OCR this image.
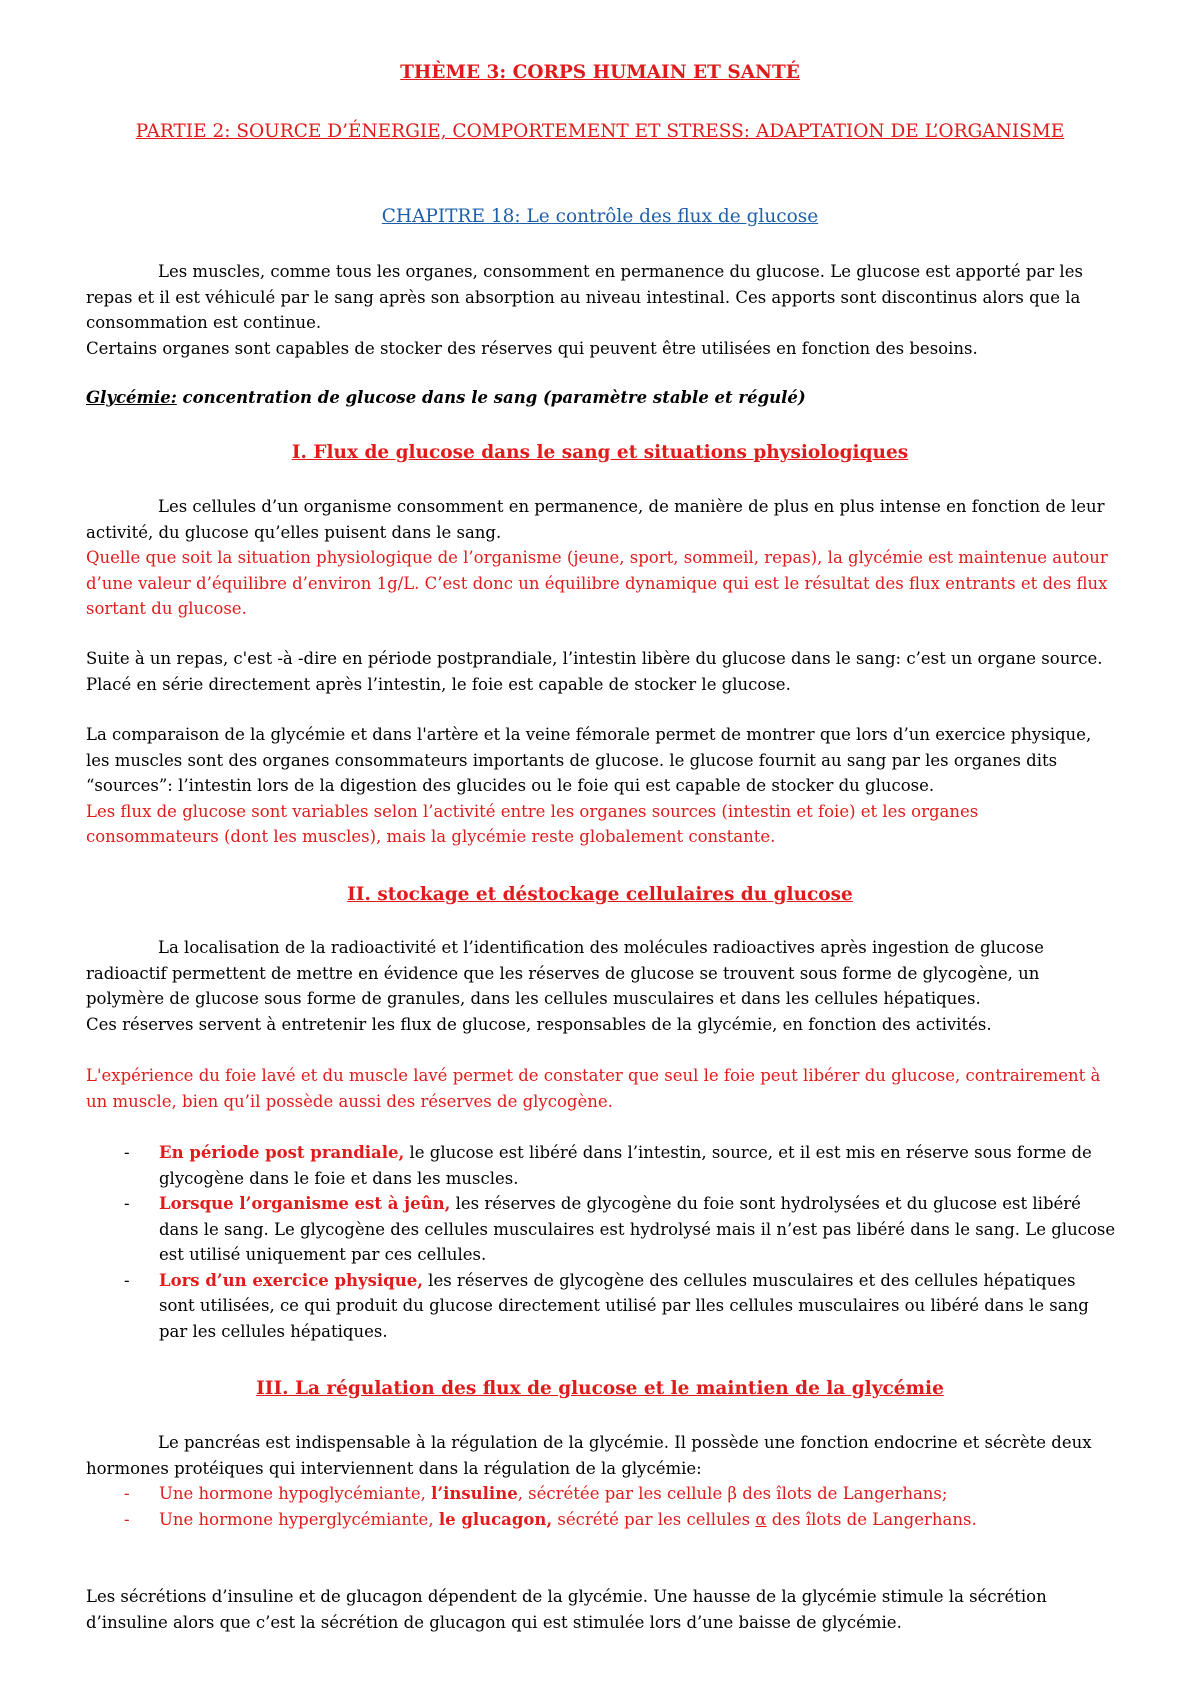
THÈME 3: CORPS HUMAIN ET SANTÉ
PARTIE 2: SOURCE D’ÉNERGIE, COMPORTEMENT ET STRESS: ADAPTATION DE L’ORGANISME
CHAPITRE 18: Le contrôle des flux de glucose

Les muscles, comme tous les organes, consomment en permanence du glucose. Le glucose est apporté par les repas et il est véhiculé par le sang après son absorption au niveau intestinal. Ces apports sont discontinus alors que la consommation est continue.

Certains organes sont capables de stocker des réserves qui peuvent être utilisées en fonction des besoins.

Glycémie: concentration de glucose dans le sang (paramètre stable et régulé)
I. Flux de glucose dans le sang et situations physiologiques

Les cellules d’un organisme consomment en permanence, de manière de plus en plus intense en fonction de leur activité, du glucose qu’elles puisent dans le sang.

Quelle que soit la situation physiologique de l’organisme (jeune, sport, sommeil, repas), la glycémie est maintenue autour d’une valeur d’équilibre d’environ 1g/L. C’est donc un équilibre dynamique qui est le résultat des flux entrants et des flux sortant du glucose.

Suite à un repas, c'est -à -dire en période postprandiale, l’intestin libère du glucose dans le sang: c’est un organe source. Placé en série directement après l’intestin, le foie est capable de stocker le glucose.

La comparaison de la glycémie et dans l'artère et la veine fémorale permet de montrer que lors d’un exercice physique, les muscles sont des organes consommateurs importants de glucose. le glucose fournit au sang par les organes dits “sources”: l’intestin lors de la digestion des glucides ou le foie qui est capable de stocker du glucose.

Les flux de glucose sont variables selon l’activité entre les organes sources (intestin et foie) et les organes consommateurs (dont les muscles), mais la glycémie reste globalement constante.

II. stockage et déstockage cellulaires du glucose

La localisation de la radioactivité et l’identification des molécules radioactives après ingestion de glucose radioactif permettent de mettre en évidence que les réserves de glucose se trouvent sous forme de glycogène, un polymère de glucose sous forme de granules, dans les cellules musculaires et dans les cellules hépatiques.

Ces réserves servent à entretenir les flux de glucose, responsables de la glycémie, en fonction des activités.

L'expérience du foie lavé et du muscle lavé permet de constater que seul le foie peut libérer du glucose, contrairement à un muscle, bien qu’il possède aussi des réserves de glycogène.
- En période post prandiale, le glucose est libéré dans l’intestin, source, et il est mis en réserve sous forme de glycogène dans le foie et dans les muscles.
- Lorsque l’organisme est à jeûn, les réserves de glycogène du foie sont hydrolysées et du glucose est libéré dans le sang. Le glycogène des cellules musculaires est hydrolysé mais il n’est pas libéré dans le sang. Le glucose est utilisé uniquement par ces cellules.
- Lors d’un exercice physique, les réserves de glycogène des cellules musculaires et des cellules hépatiques sont utilisées, ce qui produit du glucose directement utilisé par lles cellules musculaires ou libéré dans le sang par les cellules hépatiques.
III. La régulation des flux de glucose et le maintien de la glycémie

Le pancréas est indispensable à la régulation de la glycémie. Il possède une fonction endocrine et sécrète deux hormones protéiques qui interviennent dans la régulation de la glycémie:

- Une hormone hypoglycémiante, l’insuline, sécrétée par les cellule β des îlots de Langerhans;
- Une hormone hyperglycémiante, le glucagon, sécrété par les cellules α des îlots de Langerhans.
Les sécrétions d’insuline et de glucagon dépendent de la glycémie. Une hausse de la glycémie stimule la sécrétion d’insuline alors que c’est la sécrétion de glucagon qui est stimulée lors d’une baisse de glycémie.
